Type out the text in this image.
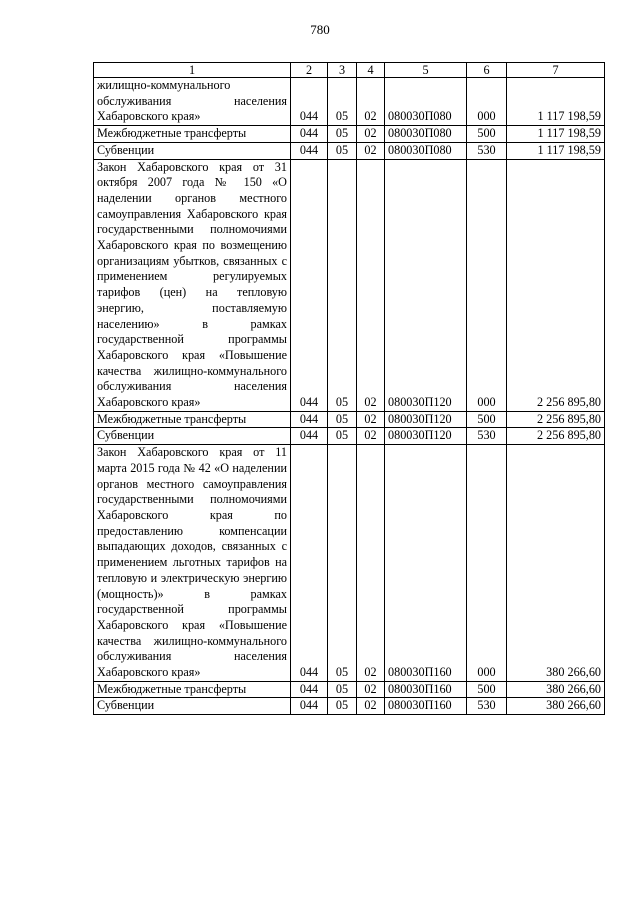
780
1	2	3	4	5	6	7
жилищно-коммунального обслуживания населения Хабаровского края»	044	05	02	080030П080	000	1 117 198,59
Межбюджетные трансферты	044	05	02	080030П080	500	1 117 198,59
Субвенции	044	05	02	080030П080	530	1 117 198,59
Закон Хабаровского края от 31 октября 2007 года № 150 «О наделении органов местного самоуправления Хабаровского края государственными полномочиями Хабаровского края по возмещению организациям убытков, связанных с применением регулируемых тарифов (цен) на тепловую энергию, поставляемую населению» в рамках государственной программы Хабаровского края «Повышение качества жилищно-коммунального обслуживания населения Хабаровского края»	044	05	02	080030П120	000	2 256 895,80
Межбюджетные трансферты	044	05	02	080030П120	500	2 256 895,80
Субвенции	044	05	02	080030П120	530	2 256 895,80
Закон Хабаровского края от 11 марта 2015 года № 42 «О наделении органов местного самоуправления государственными полномочиями Хабаровского края по предоставлению компенсации выпадающих доходов, связанных с применением льготных тарифов на тепловую и электрическую энергию (мощность)» в рамках государственной программы Хабаровского края «Повышение качества жилищно-коммунального обслуживания населения Хабаровского края»	044	05	02	080030П160	000	380 266,60
Межбюджетные трансферты	044	05	02	080030П160	500	380 266,60
Субвенции	044	05	02	080030П160	530	380 266,60
